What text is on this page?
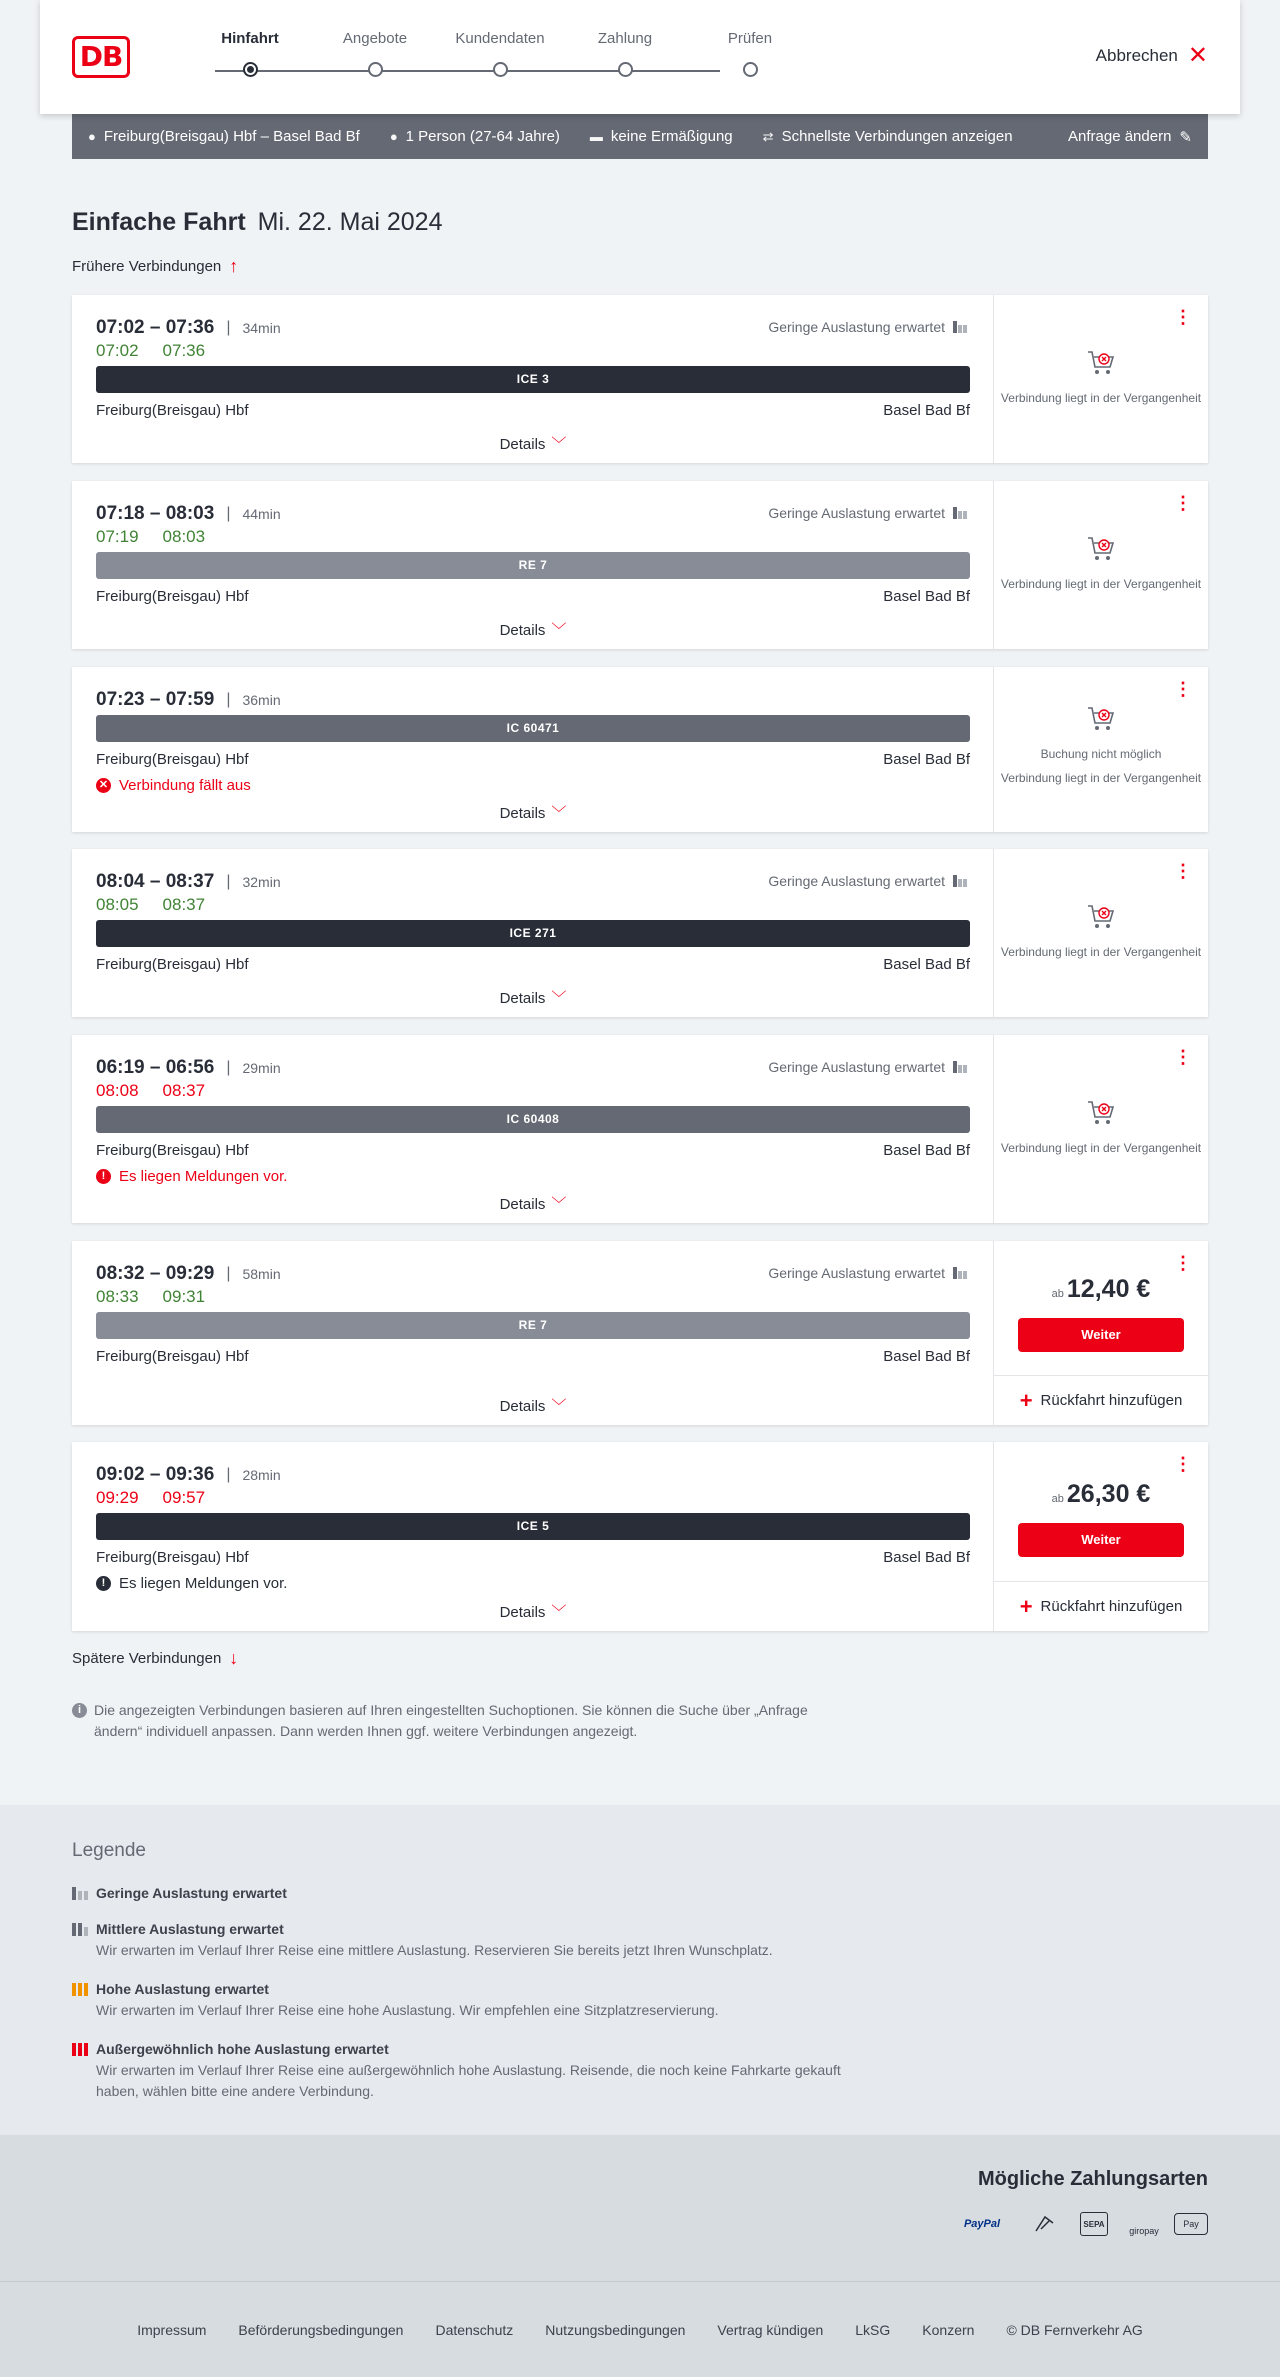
DB
Hinfahrt	Angebote	Kundendaten	Zahlung	Prüfen
Abbrechen ✕
● Freiburg(Breisgau) Hbf – Basel Bad Bf ● 1 Person (27-64 Jahre) ▬ keine Ermäßigung ⇄ Schnellste Verbindungen anzeigen	Anfrage ändern ✎
Einfache Fahrt Mi. 22. Mai 2024
Frühere Verbindungen ↑
07:02 – 07:36 | 34min
07:02 07:36
Geringe Auslastung erwartet
ICE 3
Freiburg(Breisgau) Hbf	Basel Bad Bf
Details ﹀
⋮
Verbindung liegt in der Vergangenheit
07:18 – 08:03 | 44min
07:19 08:03
Geringe Auslastung erwartet
RE 7
Freiburg(Breisgau) Hbf	Basel Bad Bf
Details ﹀
⋮
Verbindung liegt in der Vergangenheit
07:23 – 07:59 | 36min
IC 60471
Freiburg(Breisgau) Hbf	Basel Bad Bf
✕ Verbindung fällt aus
Details ﹀
⋮
Buchung nicht möglich
Verbindung liegt in der Vergangenheit
08:04 – 08:37 | 32min
08:05 08:37
Geringe Auslastung erwartet
ICE 271
Freiburg(Breisgau) Hbf	Basel Bad Bf
Details ﹀
⋮
Verbindung liegt in der Vergangenheit
06:19 – 06:56 | 29min
08:08 08:37
Geringe Auslastung erwartet
IC 60408
Freiburg(Breisgau) Hbf	Basel Bad Bf
! Es liegen Meldungen vor.
Details ﹀
⋮
Verbindung liegt in der Vergangenheit
08:32 – 09:29 | 58min
08:33 09:31
Geringe Auslastung erwartet
RE 7
Freiburg(Breisgau) Hbf	Basel Bad Bf
Details ﹀
⋮
ab 12,40 €
Weiter
+ Rückfahrt hinzufügen
09:02 – 09:36 | 28min
09:29 09:57
ICE 5
Freiburg(Breisgau) Hbf	Basel Bad Bf
! Es liegen Meldungen vor.
Details ﹀
⋮
ab 26,30 €
Weiter
+ Rückfahrt hinzufügen
Spätere Verbindungen ↓
i Die angezeigten Verbindungen basieren auf Ihren eingestellten Suchoptionen. Sie können die Suche über „Anfrage ändern“ individuell anpassen. Dann werden Ihnen ggf. weitere Verbindungen angezeigt.
Legende
Geringe Auslastung erwartet
Mittlere Auslastung erwartet
Wir erwarten im Verlauf Ihrer Reise eine mittlere Auslastung. Reservieren Sie bereits jetzt Ihren Wunschplatz.
Hohe Auslastung erwartet
Wir erwarten im Verlauf Ihrer Reise eine hohe Auslastung. Wir empfehlen eine Sitzplatzreservierung.
Außergewöhnlich hohe Auslastung erwartet
Wir erwarten im Verlauf Ihrer Reise eine außergewöhnlich hohe Auslastung. Reisende, die noch keine Fahrkarte gekauft haben, wählen bitte eine andere Verbindung.
Mögliche Zahlungsarten
PayPal	SEPA
giropay
Pay
Impressum Beförderungsbedingungen Datenschutz Nutzungsbedingungen Vertrag kündigen LkSG Konzern © DB Fernverkehr AG
